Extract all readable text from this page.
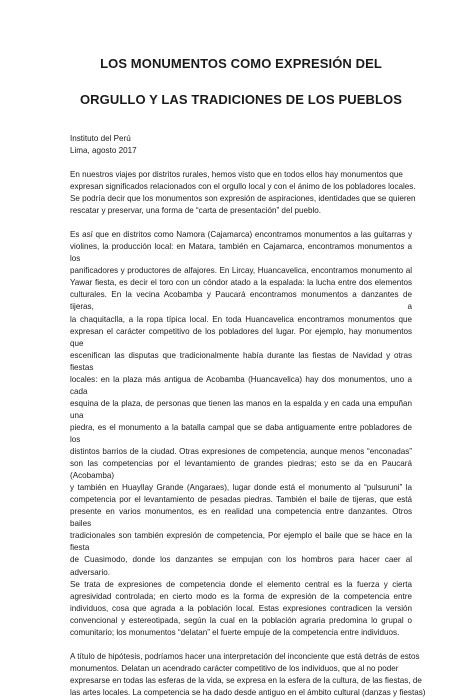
LOS MONUMENTOS COMO EXPRESIÓN DEL
ORGULLO Y LAS TRADICIONES DE LOS PUEBLOS
Instituto del Perú
Lima, agosto 2017

En nuestros viajes por distritos rurales, hemos visto que en todos ellos hay monumentos que
expresan significados relacionados con el orgullo local y con el ánimo de los pobladores locales.
Se podría decir que los monumentos son expresión de aspiraciones, identidades que se quieren
rescatar y preservar, una forma de “carta de presentación” del pueblo.

Es así que en distritos como Namora (Cajamarca) encontramos monumentos a las guitarras y
violines, la producción local: en Matara, también en Cajamarca, encontramos monumentos a los
panificadores y productores de alfajores. En Lircay, Huancavelica, encontramos monumento al
Yawar fiesta, es decir el toro con un cóndor atado a la espalada: la lucha entre dos elementos
culturales. En la vecina Acobamba y Paucará encontramos monumentos a danzantes de tijeras, a
la chaquitaclla, a la ropa típica local. En toda Huancavelica encontramos monumentos que
expresan el carácter competitivo de los pobladores del lugar. Por ejemplo, hay monumentos que
escenifican las disputas que tradicionalmente había durante las fiestas de Navidad y otras fiestas
locales: en la plaza más antigua de Acobamba (Huancavelica) hay dos monumentos, uno a cada
esquina de la plaza, de personas que tienen las manos en la espalda y en cada una empuñan una
piedra, es el monumento a la batalla campal que se daba antiguamente entre pobladores de los
distintos barrios de la ciudad. Otras expresiones de competencia, aunque menos “enconadas”
son las competencias por el levantamiento de grandes piedras; esto se da en Paucará (Acobamba)
y también en Huayllay Grande (Angaraes), lugar donde está el monumento al “pulsuruni” la
competencia por el levantamiento de pesadas piedras. También el baile de tijeras, que está
presente en varios monumentos, es en realidad una competencia entre danzantes. Otros bailes
tradicionales son también expresión de competencia, Por ejemplo el baile que se hace en la fiesta
de Cuasimodo, donde los danzantes se empujan con los hombros para hacer caer al adversario.
Se trata de expresiones de competencia donde el elemento central es la fuerza y cierta
agresividad controlada; en cierto modo es la forma de expresión de la competencia entre
individuos, cosa que agrada a la población local. Estas expresiones contradicen la versión
convencional y estereotipada, según la cual en la población agraria predomina lo grupal o
comunitario; los monumentos “delatan” el fuerte empuje de la competencia entre individuos.

A título de hipótesis, podríamos hacer una interpretación del inconciente que está detrás de estos
monumentos. Delatan un acendrado carácter competitivo de los individuos, que al no poder
expresarse en todas las esferas de la vida, se expresa en la esfera de la cultura, de las fiestas, de
las artes locales. La competencia se ha dado desde antiguo en el ámbito cultural (danzas y fiestas)
